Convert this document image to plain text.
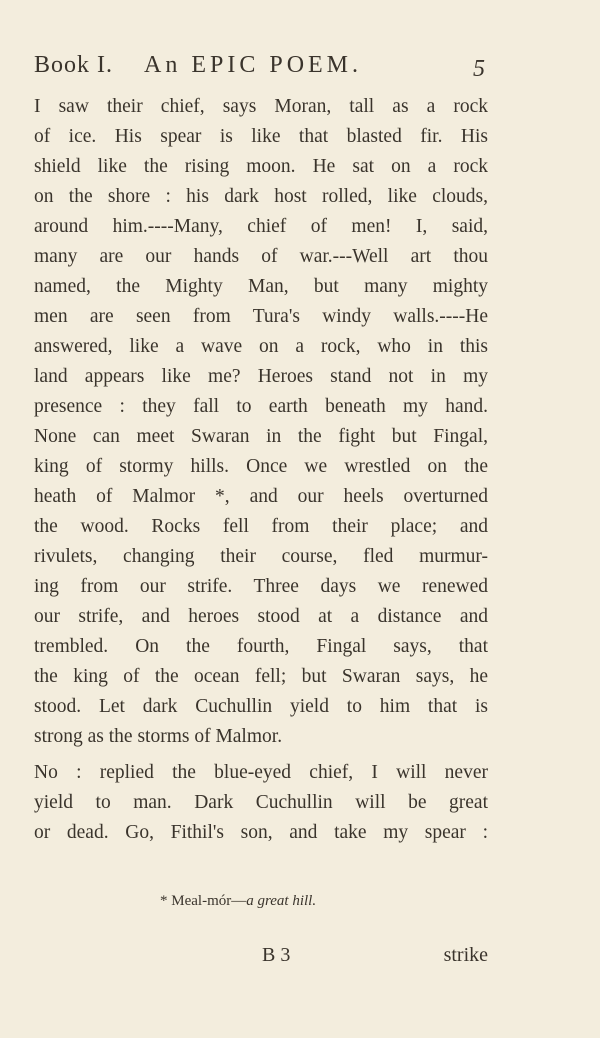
Book I. An EPIC POEM.	5
I saw their chief, says Moran, tall as a rock
of ice. His spear is like that blasted fir. His
shield like the rising moon. He sat on a rock
on the shore : his dark host rolled, like clouds,
around him.----Many, chief of men! I, said,
many are our hands of war.---Well art thou
named, the Mighty Man, but many mighty
men are seen from Tura's windy walls.----He
answered, like a wave on a rock, who in this
land appears like me? Heroes stand not in my
presence : they fall to earth beneath my hand.
None can meet Swaran in the fight but Fingal,
king of stormy hills. Once we wrestled on the
heath of Malmor *, and our heels overturned
the wood. Rocks fell from their place; and
rivulets, changing their course, fled murmur-
ing from our strife. Three days we renewed
our strife, and heroes stood at a distance and
trembled. On the fourth, Fingal says, that
the king of the ocean fell; but Swaran says, he
stood. Let dark Cuchullin yield to him that is
strong as the storms of Malmor.
No : replied the blue-eyed chief, I will never
yield to man. Dark Cuchullin will be great
or dead. Go, Fithil's son, and take my spear :
* Meal-mór—a great hill.
B 3	strike
